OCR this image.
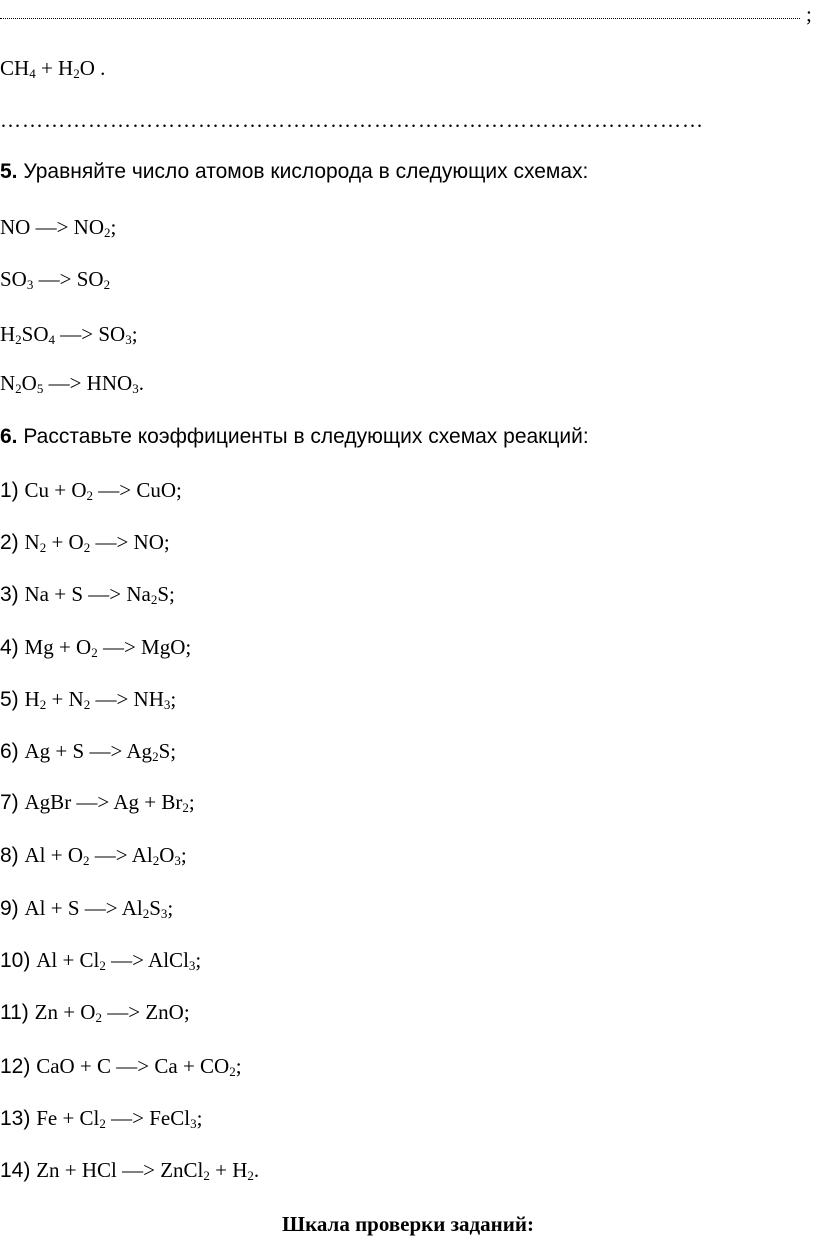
;
$CH_4 + H_2O$ .
……………………………………………………………………………………
5. Уравняйте число атомов кислорода в следующих схемах:
NO —> $NO_2$;
$SO_3$ —> $SO_2$
$H_2SO_4$ —> $SO_3$;
$N_2O_5$ —> $HNO_3$.
6. Расставьте коэффициенты в следующих схемах реакций:
1) $Cu + O_2$ —> CuO;
2) $N_2 + O_2$ —> NO;
3) Na + S —> $Na_2S$;
4) $Mg + O_2$ —> MgO;
5) $H_2 + N_2$ —> $NH_3$;
6) Ag + S —> $Ag_2S$;
7) AgBr —> $Ag + Br_2$;
8) $Al + O_2$ —> $Al_2O_3$;
9) Al + S —> $Al_2S_3$;
10) $Al + Cl_2$ —> AlCl$_3$;
11) $Zn + O_2$ —> ZnO;
12) CaO + C —> $Ca + CO_2$;
13) $Fe + Cl_2$ —> FeCl$_3$;
14) Zn + HCl —> ZnCl$_2$ + $H_2$.
Шкала проверки заданий:
